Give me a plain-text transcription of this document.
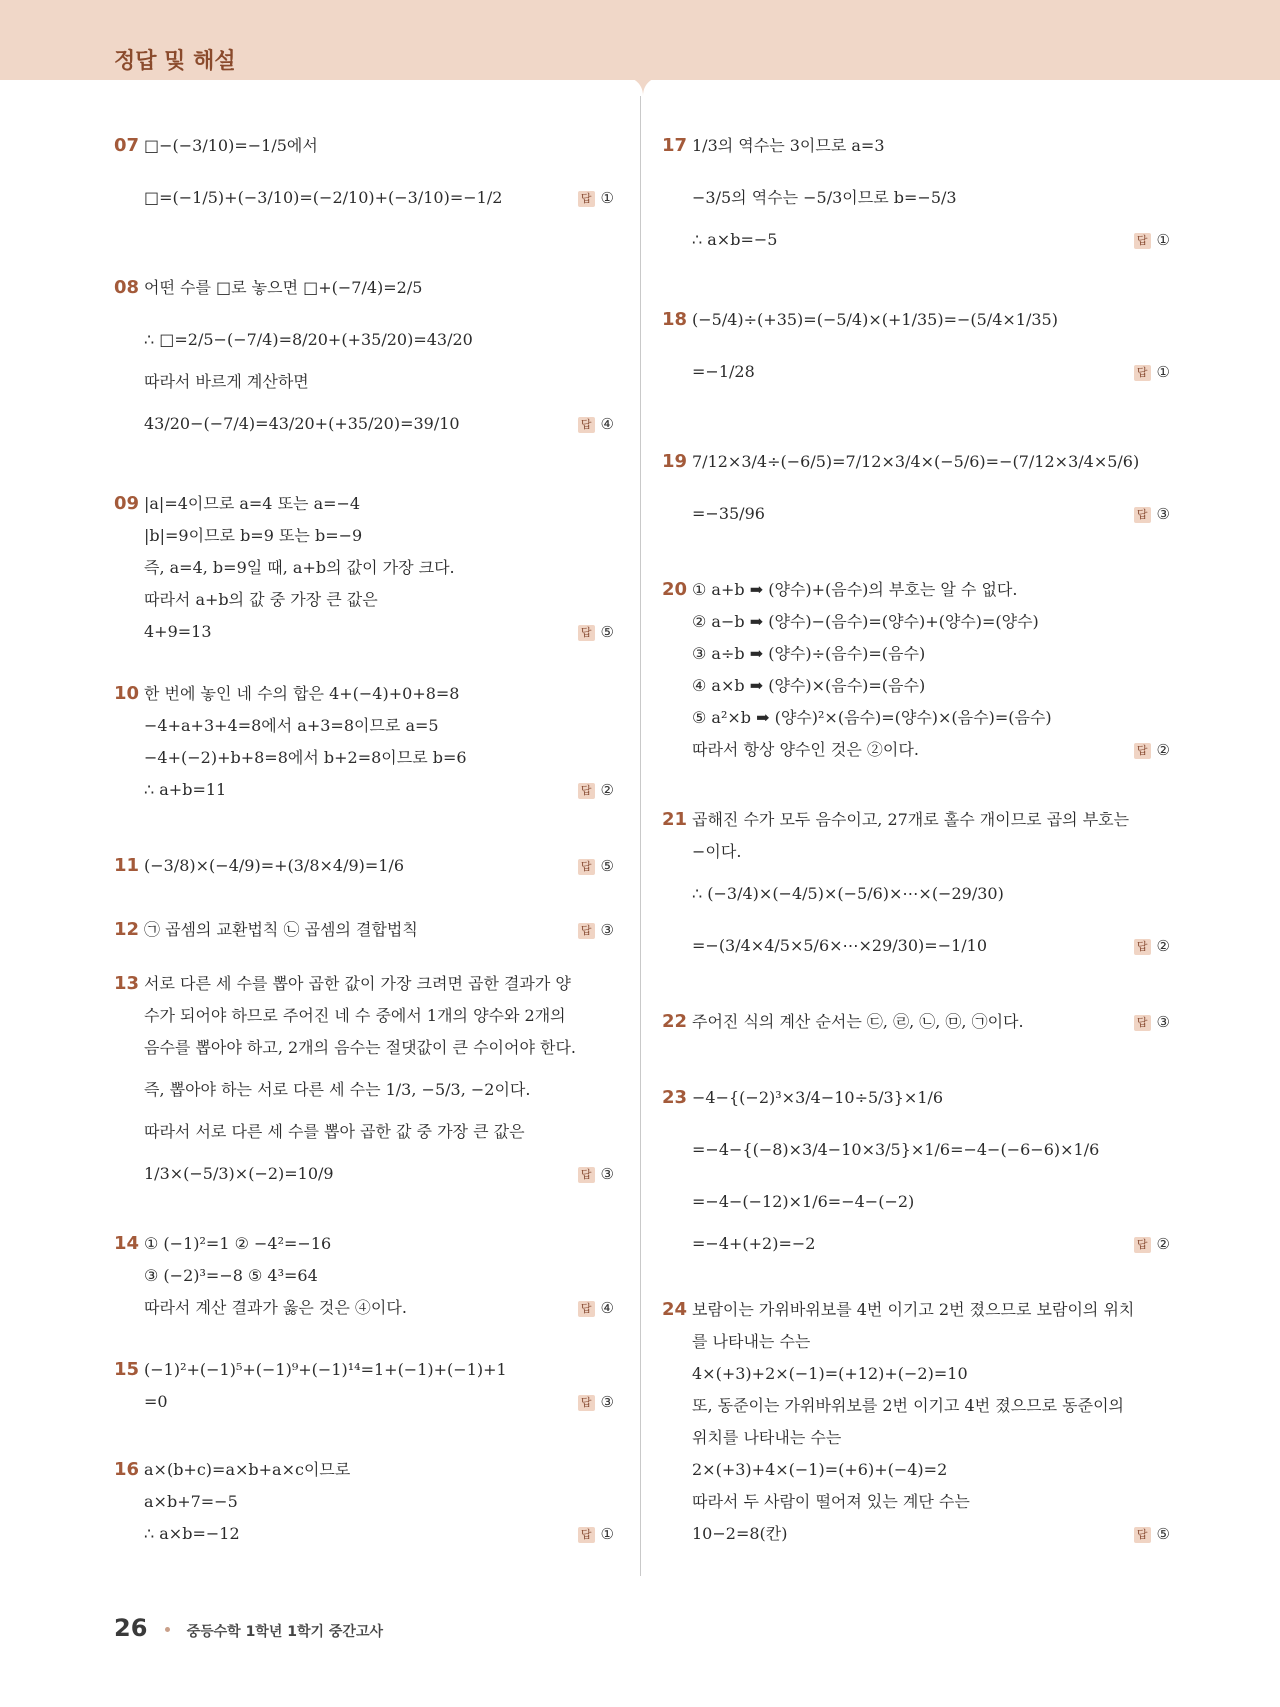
정답 및 해설
07 □−(−3/10)=−1/5에서
□=(−1/5)+(−3/10)=(−2/10)+(−3/10)=−1/2	답 ①
08 어떤 수를 □로 놓으면 □+(−7/4)=2/5
∴ □=2/5−(−7/4)=8/20+(+35/20)=43/20
따라서 바르게 계산하면
43/20−(−7/4)=43/20+(+35/20)=39/10	답 ④
09 |a|=4이므로 a=4 또는 a=−4
|b|=9이므로 b=9 또는 b=−9
즉, a=4, b=9일 때, a+b의 값이 가장 크다.
따라서 a+b의 값 중 가장 큰 값은
4+9=13	답 ⑤
10 한 번에 놓인 네 수의 합은 4+(−4)+0+8=8
−4+a+3+4=8에서 a+3=8이므로 a=5
−4+(−2)+b+8=8에서 b+2=8이므로 b=6
∴ a+b=11	답 ②
11 (−3/8)×(−4/9)=+(3/8×4/9)=1/6	답 ⑤
12 ㉠ 곱셈의 교환법칙 ㉡ 곱셈의 결합법칙	답 ③
13 서로 다른 세 수를 뽑아 곱한 값이 가장 크려면 곱한 결과가 양
수가 되어야 하므로 주어진 네 수 중에서 1개의 양수와 2개의
음수를 뽑아야 하고, 2개의 음수는 절댓값이 큰 수이어야 한다.
즉, 뽑아야 하는 서로 다른 세 수는 1/3, −5/3, −2이다.
따라서 서로 다른 세 수를 뽑아 곱한 값 중 가장 큰 값은
1/3×(−5/3)×(−2)=10/9	답 ③
14 ① (−1)²=1 ② −4²=−16
③ (−2)³=−8 ⑤ 4³=64
따라서 계산 결과가 옳은 것은 ④이다.	답 ④
15 (−1)²+(−1)⁵+(−1)⁹+(−1)¹⁴=1+(−1)+(−1)+1
=0	답 ③
16 a×(b+c)=a×b+a×c이므로
a×b+7=−5
∴ a×b=−12	답 ①
17 1/3의 역수는 3이므로 a=3
−3/5의 역수는 −5/3이므로 b=−5/3
∴ a×b=−5	답 ①
18 (−5/4)÷(+35)=(−5/4)×(+1/35)=−(5/4×1/35)
=−1/28	답 ①
19 7/12×3/4÷(−6/5)=7/12×3/4×(−5/6)=−(7/12×3/4×5/6)
=−35/96	답 ③
20 ① a+b ➡ (양수)+(음수)의 부호는 알 수 없다.
② a−b ➡ (양수)−(음수)=(양수)+(양수)=(양수)
③ a÷b ➡ (양수)÷(음수)=(음수)
④ a×b ➡ (양수)×(음수)=(음수)
⑤ a²×b ➡ (양수)²×(음수)=(양수)×(음수)=(음수)
따라서 항상 양수인 것은 ②이다.	답 ②
21 곱해진 수가 모두 음수이고, 27개로 홀수 개이므로 곱의 부호는
−이다.
∴ (−3/4)×(−4/5)×(−5/6)×⋯×(−29/30)
=−(3/4×4/5×5/6×⋯×29/30)=−1/10	답 ②
22 주어진 식의 계산 순서는 ㉢, ㉣, ㉡, ㉤, ㉠이다.	답 ③
23 −4−{(−2)³×3/4−10÷5/3}×1/6
=−4−{(−8)×3/4−10×3/5}×1/6=−4−(−6−6)×1/6
=−4−(−12)×1/6=−4−(−2)
=−4+(+2)=−2	답 ②
24 보람이는 가위바위보를 4번 이기고 2번 졌으므로 보람이의 위치
를 나타내는 수는
4×(+3)+2×(−1)=(+12)+(−2)=10
또, 동준이는 가위바위보를 2번 이기고 4번 졌으므로 동준이의
위치를 나타내는 수는
2×(+3)+4×(−1)=(+6)+(−4)=2
따라서 두 사람이 떨어져 있는 계단 수는
10−2=8(칸)	답 ⑤
26	중등수학 1학년 1학기 중간고사
